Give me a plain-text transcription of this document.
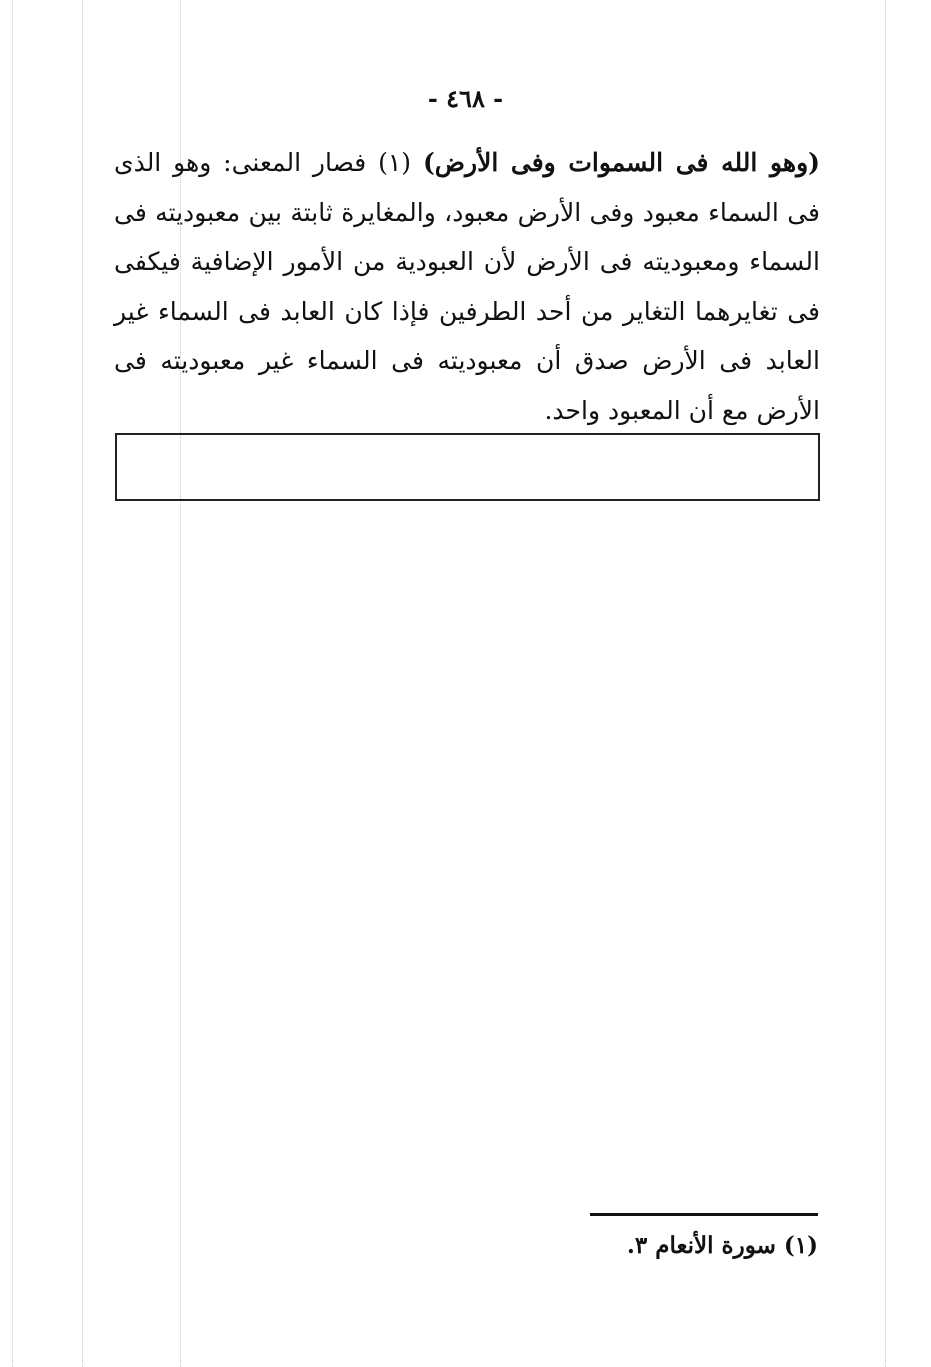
- ٤٦٨ -
(وهو الله فى السموات وفى الأرض) (١) فصار المعنى: وهو الذى فى السماء معبود وفى الأرض معبود، والمغايرة ثابتة بين معبوديته فى السماء ومعبوديته فى الأرض لأن العبودية من الأمور الإضافية فيكفى فى تغايرهما التغاير من أحد الطرفين فإذا كان العابد فى السماء غير العابد فى الأرض صدق أن معبوديته فى السماء غير معبوديته فى الأرض مع أن المعبود واحد.
(١) سورة الأنعام ٣.
